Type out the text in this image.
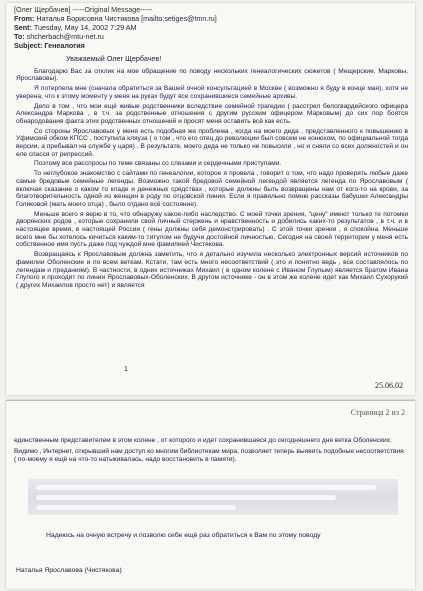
[Олег Щербачев] -----Original Message-----
From: Наталья Борисовна Чистякова [mailto:setiges@tmn.ru]
Sent: Tuesday, May 14, 2002 7:29 AM
To: shcherbach@mtu-net.ru
Subject: Генеалогия

Уважаемый Олег Щербачев!

Благодарю Вас за отклик на мое обращение по поводу нескольких генеалогических сюжетов ( Мещерские, Марковы, Ярославовы).

Я потерпела мне (сначала обратиться за Вашей очной консультацией в Москве ( возможно я буду в конце мая), хотя не уверена, что к этому моменту у меня на руках будут все сохранившиеся семейные архивы.

Дело в том , что мои ещё живые родственники вследствие семейной трагедии ( расстрел белогвардейского офицера Александра Маркова , в т.ч. за родственные отношения с другим русским офицером Марковым) до сих пор боятся обнародования факта этих родственных отношений и просят меня оставить всё как есть.

Со стороны Ярославовых у меня есть подобная же проблема , когда на моего деда , представленного к повышению в Уфимский обком КПСС , поступила кляуза ( о том , что его отец до революции был совсем не конюхом, по официальной тогда версии, а пребывал на службе у царя) . В результате, моего деда не только не повысили , но и сняли со всех должностей и он еле спасся от репрессий.

Поэтому все расспросы по теме связаны со слезами и сердечными приступами.

То неглубокое знакомство с сайтами по генеалогии, которое я провела , говорит о том, что надо проверять любые даже самые бредовые семейные легенды. Возможно такой бредовой семейной легендой является легенда по Ярославовым ( включая сказание о каком то кладе и денежных средствах , которые должны быть возвращены нам от кого-то на крови, за благотворительность одной из женщин в роду по отцовской линии. Если я правильно помню рассказы бабушки Александры Голиковой (мать моего отца) , было отдано всё состояние).

Меньше всего я верю в то, что обнаружу какое-либо наследство. С моей точки зрения, "цену" имеют только те потомки дворянских родов , которые сохранили свой личный стержень и нравственность и добились каких-то результатов , в т.ч. и в настоящее время, в настоящей России ( гены должны себя демонстрировать) . С этой точки зрения , я спокойна. Меньше всего мне бы хотелось кичиться каким-то титулом не будучи достойной личностью. Сегодня на своей территории у меня есть собственное имя пусть даже под чуждой мне фамилией Чистякова.

Возвращаясь к Ярославовым должна заметить, что я детально изучила несколько электронных версий источников по фамилии Оболенские и по всем веткам. Кстати, там есть много несоответствий ( это и понятно ведь , все составлялось по легендам и преданиям). В частности, в одних источниках Михаил ( в одном колене с Иваном Глупым) является братом Ивана Глупого и проходит по линии Ярославовых-Оболенских. В другом источнике - он в этом же колене идет как Михаил Сухорукий ( других Михаилов просто нет) и является

1
25.06.02
Страница 2 из 2

единственным представителем в этом колене , от которого и идет сохранившаяся до сегодняшнего дня ветка Оболенских.

Видимо , Интернет, открывший нам доступ ко многим библиотекам мира, позволяет теперь выявить подобные несоответствия ( по-моему я ещё на что-то натыкивалась, надо восстановить в памяти).

Надеюсь на очную встречу и позволю себе ещё раз обратиться к Вам по этому поводу
Наталья Ярославова (Чистякова)
